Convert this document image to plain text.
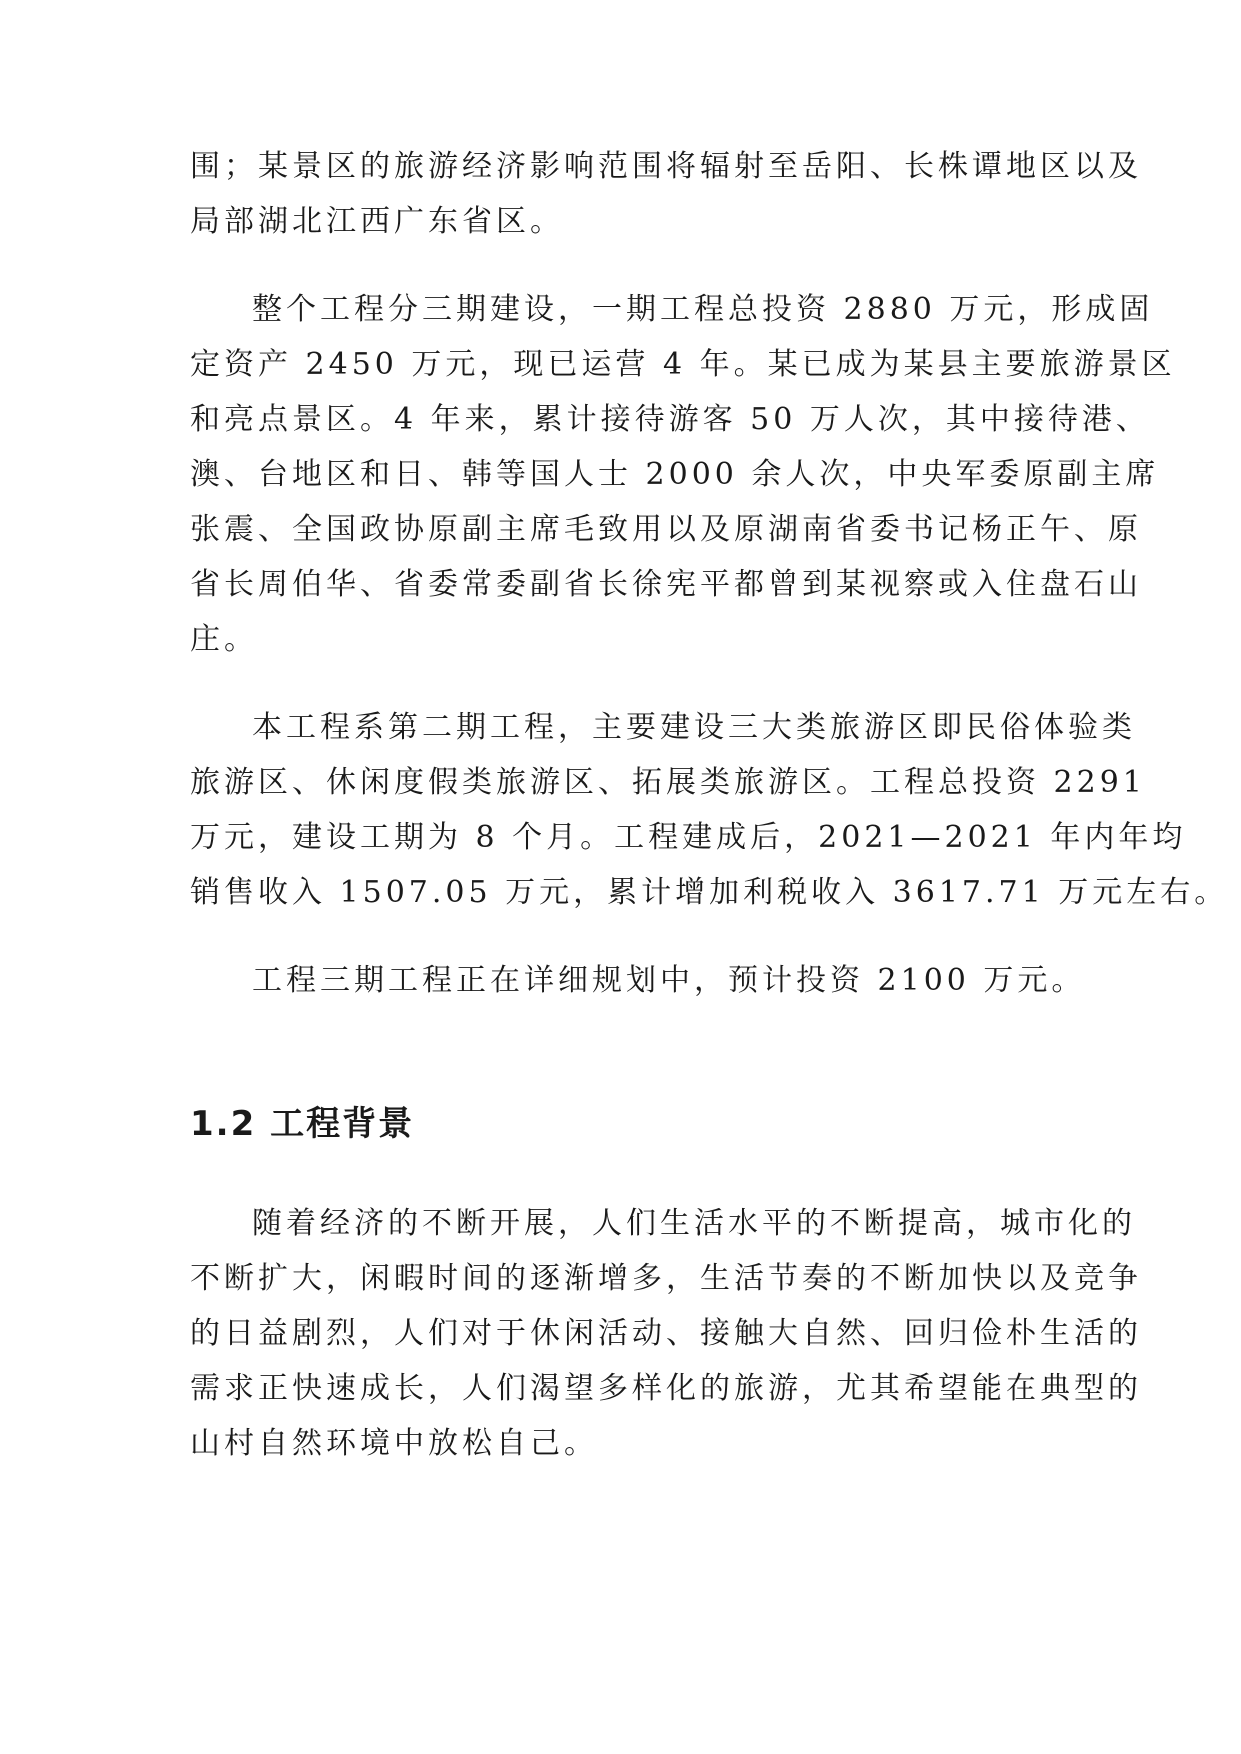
围；某景区的旅游经济影响范围将辐射至岳阳、长株谭地区以及

局部湖北江西广东省区。

整个工程分三期建设，一期工程总投资 2880 万元，形成固

定资产 2450 万元，现已运营 4 年。某已成为某县主要旅游景区

和亮点景区。4 年来，累计接待游客 50 万人次，其中接待港、

澳、台地区和日、韩等国人士 2000 余人次，中央军委原副主席

张震、全国政协原副主席毛致用以及原湖南省委书记杨正午、原

省长周伯华、省委常委副省长徐宪平都曾到某视察或入住盘石山

庄。

本工程系第二期工程，主要建设三大类旅游区即民俗体验类

旅游区、休闲度假类旅游区、拓展类旅游区。工程总投资 2291

万元，建设工期为 8 个月。工程建成后，2021—2021 年内年均

销售收入 1507.05 万元，累计增加利税收入 3617.71 万元左右。

工程三期工程正在详细规划中，预计投资 2100 万元。

1.2 工程背景

随着经济的不断开展，人们生活水平的不断提高，城市化的

不断扩大，闲暇时间的逐渐增多，生活节奏的不断加快以及竞争

的日益剧烈，人们对于休闲活动、接触大自然、回归俭朴生活的

需求正快速成长，人们渴望多样化的旅游，尤其希望能在典型的

山村自然环境中放松自己。
